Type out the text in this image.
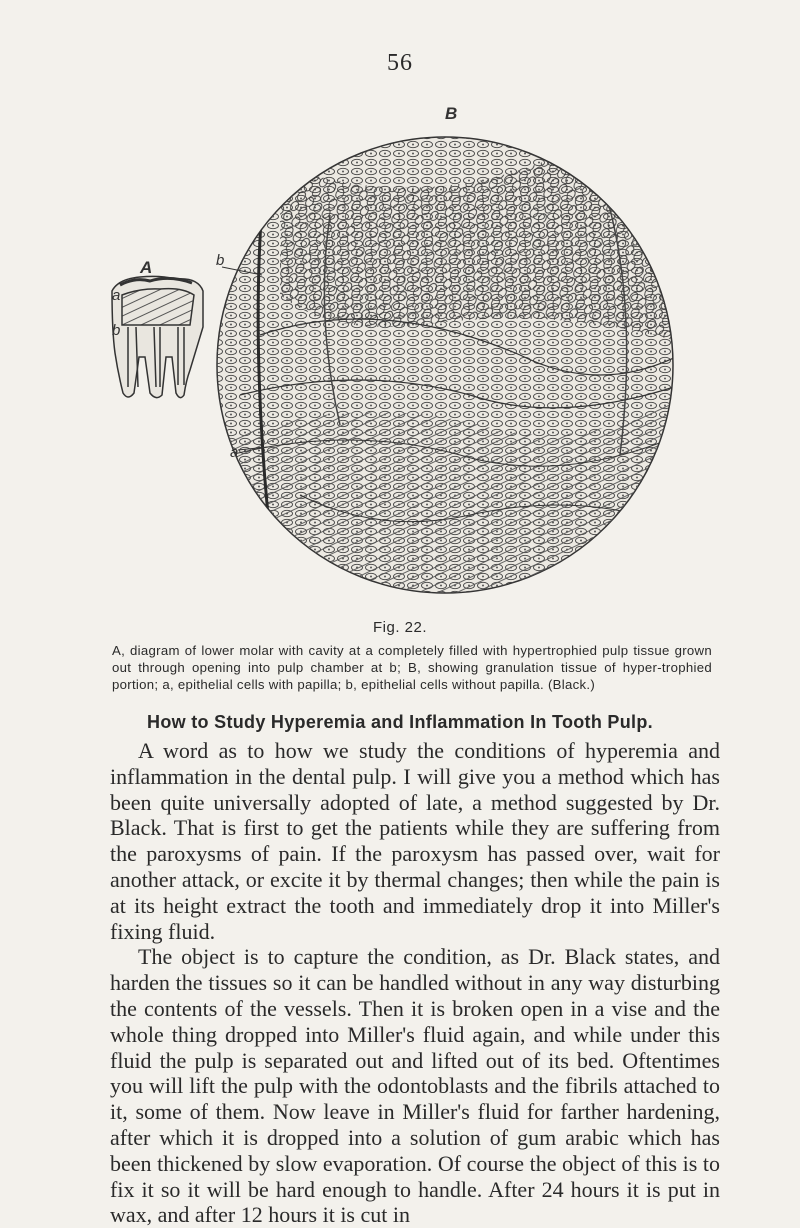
56
A
a
b
B
b
a
Fig. 22.
A, diagram of lower molar with cavity at a completely filled with hypertrophied pulp tissue grown out through opening into pulp chamber at b; B, showing granulation tissue of hyper-trophied portion; a, epithelial cells with papilla; b, epithelial cells without papilla. (Black.)
How to Study Hyperemia and Inflammation In Tooth Pulp.

A word as to how we study the conditions of hyperemia and inflammation in the dental pulp. I will give you a method which has been quite universally adopted of late, a method suggested by Dr. Black. That is first to get the patients while they are suffering from the paroxysms of pain. If the paroxysm has passed over, wait for another attack, or excite it by thermal changes; then while the pain is at its height extract the tooth and immediately drop it into Miller's fixing fluid.

The object is to capture the condition, as Dr. Black states, and harden the tissues so it can be handled without in any way disturbing the contents of the vessels. Then it is broken open in a vise and the whole thing dropped into Miller's fluid again, and while under this fluid the pulp is separated out and lifted out of its bed. Oftentimes you will lift the pulp with the odontoblasts and the fibrils attached to it, some of them. Now leave in Miller's fluid for farther hardening, after which it is dropped into a solution of gum arabic which has been thickened by slow evaporation. Of course the object of this is to fix it so it will be hard enough to handle. After 24 hours it is put in wax, and after 12 hours it is cut in
